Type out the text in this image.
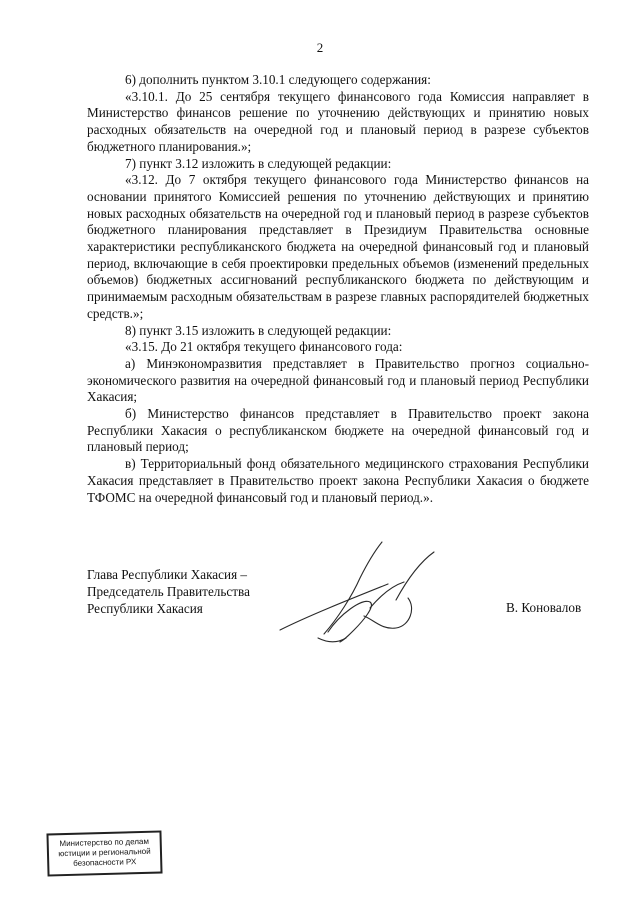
2

6) дополнить пунктом 3.10.1 следующего содержания:

«3.10.1. До 25 сентября текущего финансового года Комиссия направляет в Министерство финансов решение по уточнению действующих и принятию новых расходных обязательств на очередной год и плановый период в разрезе субъектов бюджетного планирования.»;

7) пункт 3.12 изложить в следующей редакции:

«3.12. До 7 октября текущего финансового года Министерство финансов на основании принятого Комиссией решения по уточнению действующих и принятию новых расходных обязательств на очередной год и плановый период в разрезе субъектов бюджетного планирования представляет в Президиум Правительства основные характеристики республиканского бюджета на очередной финансовый год и плановый период, включающие в себя проектировки предельных объемов (изменений предельных объемов) бюджетных ассигнований республиканского бюджета по действующим и принимаемым расходным обязательствам в разрезе главных распорядителей бюджетных средств.»;

8) пункт 3.15 изложить в следующей редакции:

«3.15. До 21 октября текущего финансового года:

а) Минэкономразвития представляет в Правительство прогноз социально-экономического развития на очередной финансовый год и плановый период Республики Хакасия;

б) Министерство финансов представляет в Правительство проект закона Республики Хакасия о республиканском бюджете на очередной финансовый год и плановый период;

в) Территориальный фонд обязательного медицинского страхования Республики Хакасия представляет в Правительство проект закона Республики Хакасия о бюджете ТФОМС на очередной финансовый год и плановый период.».

Глава Республики Хакасия –
Председатель Правительства
Республики Хакасия	В. Коновалов
Министерство по делам
юстиции и региональной
безопасности РХ
